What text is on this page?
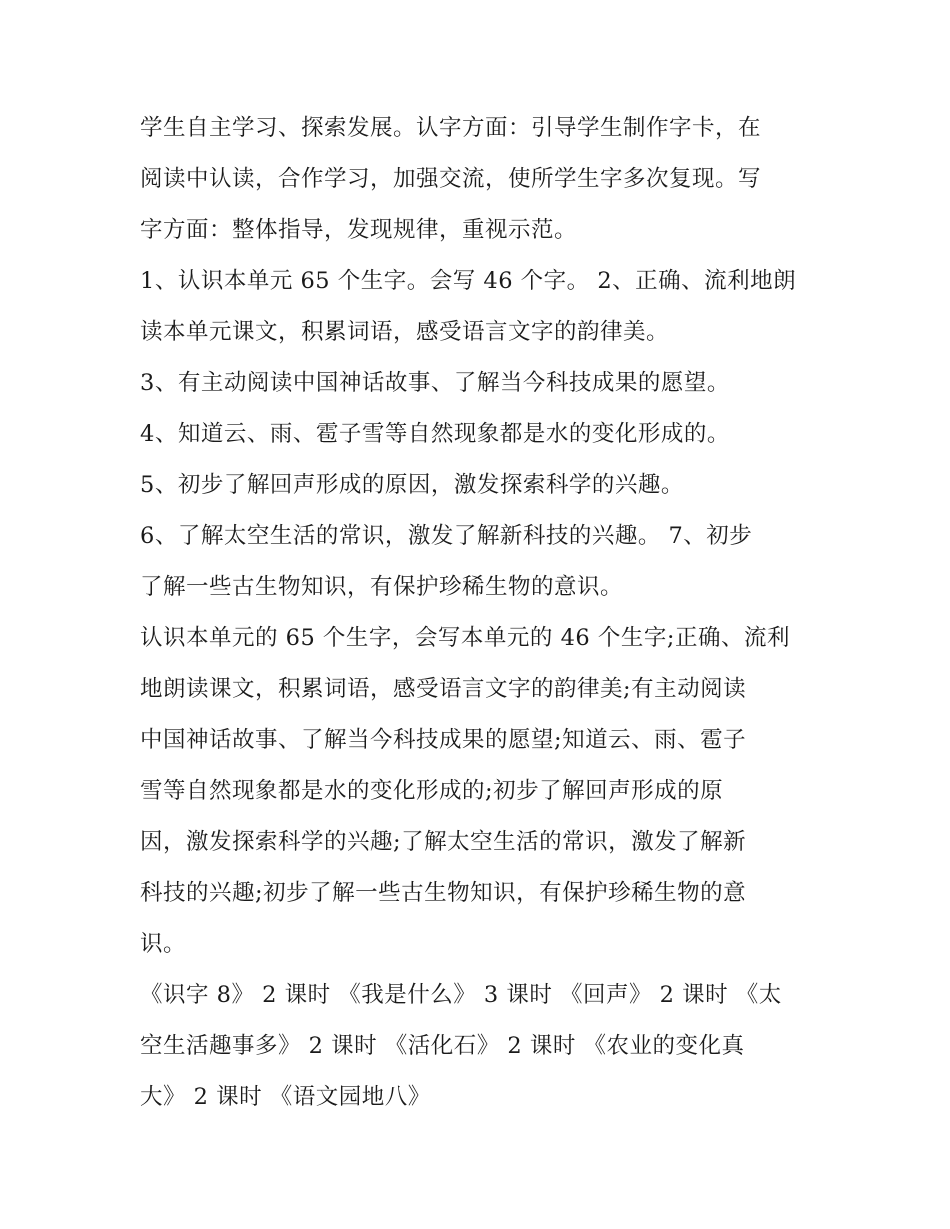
学生自主学习、探索发展。认字方面：引导学生制作字卡，在
阅读中认读，合作学习，加强交流，使所学生字多次复现。写
字方面：整体指导，发现规律，重视示范。
1、认识本单元 65 个生字。会写 46 个字。 2、正确、流利地朗
读本单元课文，积累词语，感受语言文字的韵律美。
3、有主动阅读中国神话故事、了解当今科技成果的愿望。
4、知道云、雨、雹子雪等自然现象都是水的变化形成的。
5、初步了解回声形成的原因，激发探索科学的兴趣。
6、了解太空生活的常识，激发了解新科技的兴趣。 7、初步
了解一些古生物知识，有保护珍稀生物的意识。
认识本单元的 65 个生字，会写本单元的 46 个生字;正确、流利
地朗读课文，积累词语，感受语言文字的韵律美;有主动阅读
中国神话故事、了解当今科技成果的愿望;知道云、雨、雹子
雪等自然现象都是水的变化形成的;初步了解回声形成的原
因，激发探索科学的兴趣;了解太空生活的常识，激发了解新
科技的兴趣;初步了解一些古生物知识，有保护珍稀生物的意
识。
《识字 8》 2 课时 《我是什么》 3 课时 《回声》 2 课时 《太
空生活趣事多》 2 课时 《活化石》 2 课时 《农业的变化真
大》 2 课时 《语文园地八》
